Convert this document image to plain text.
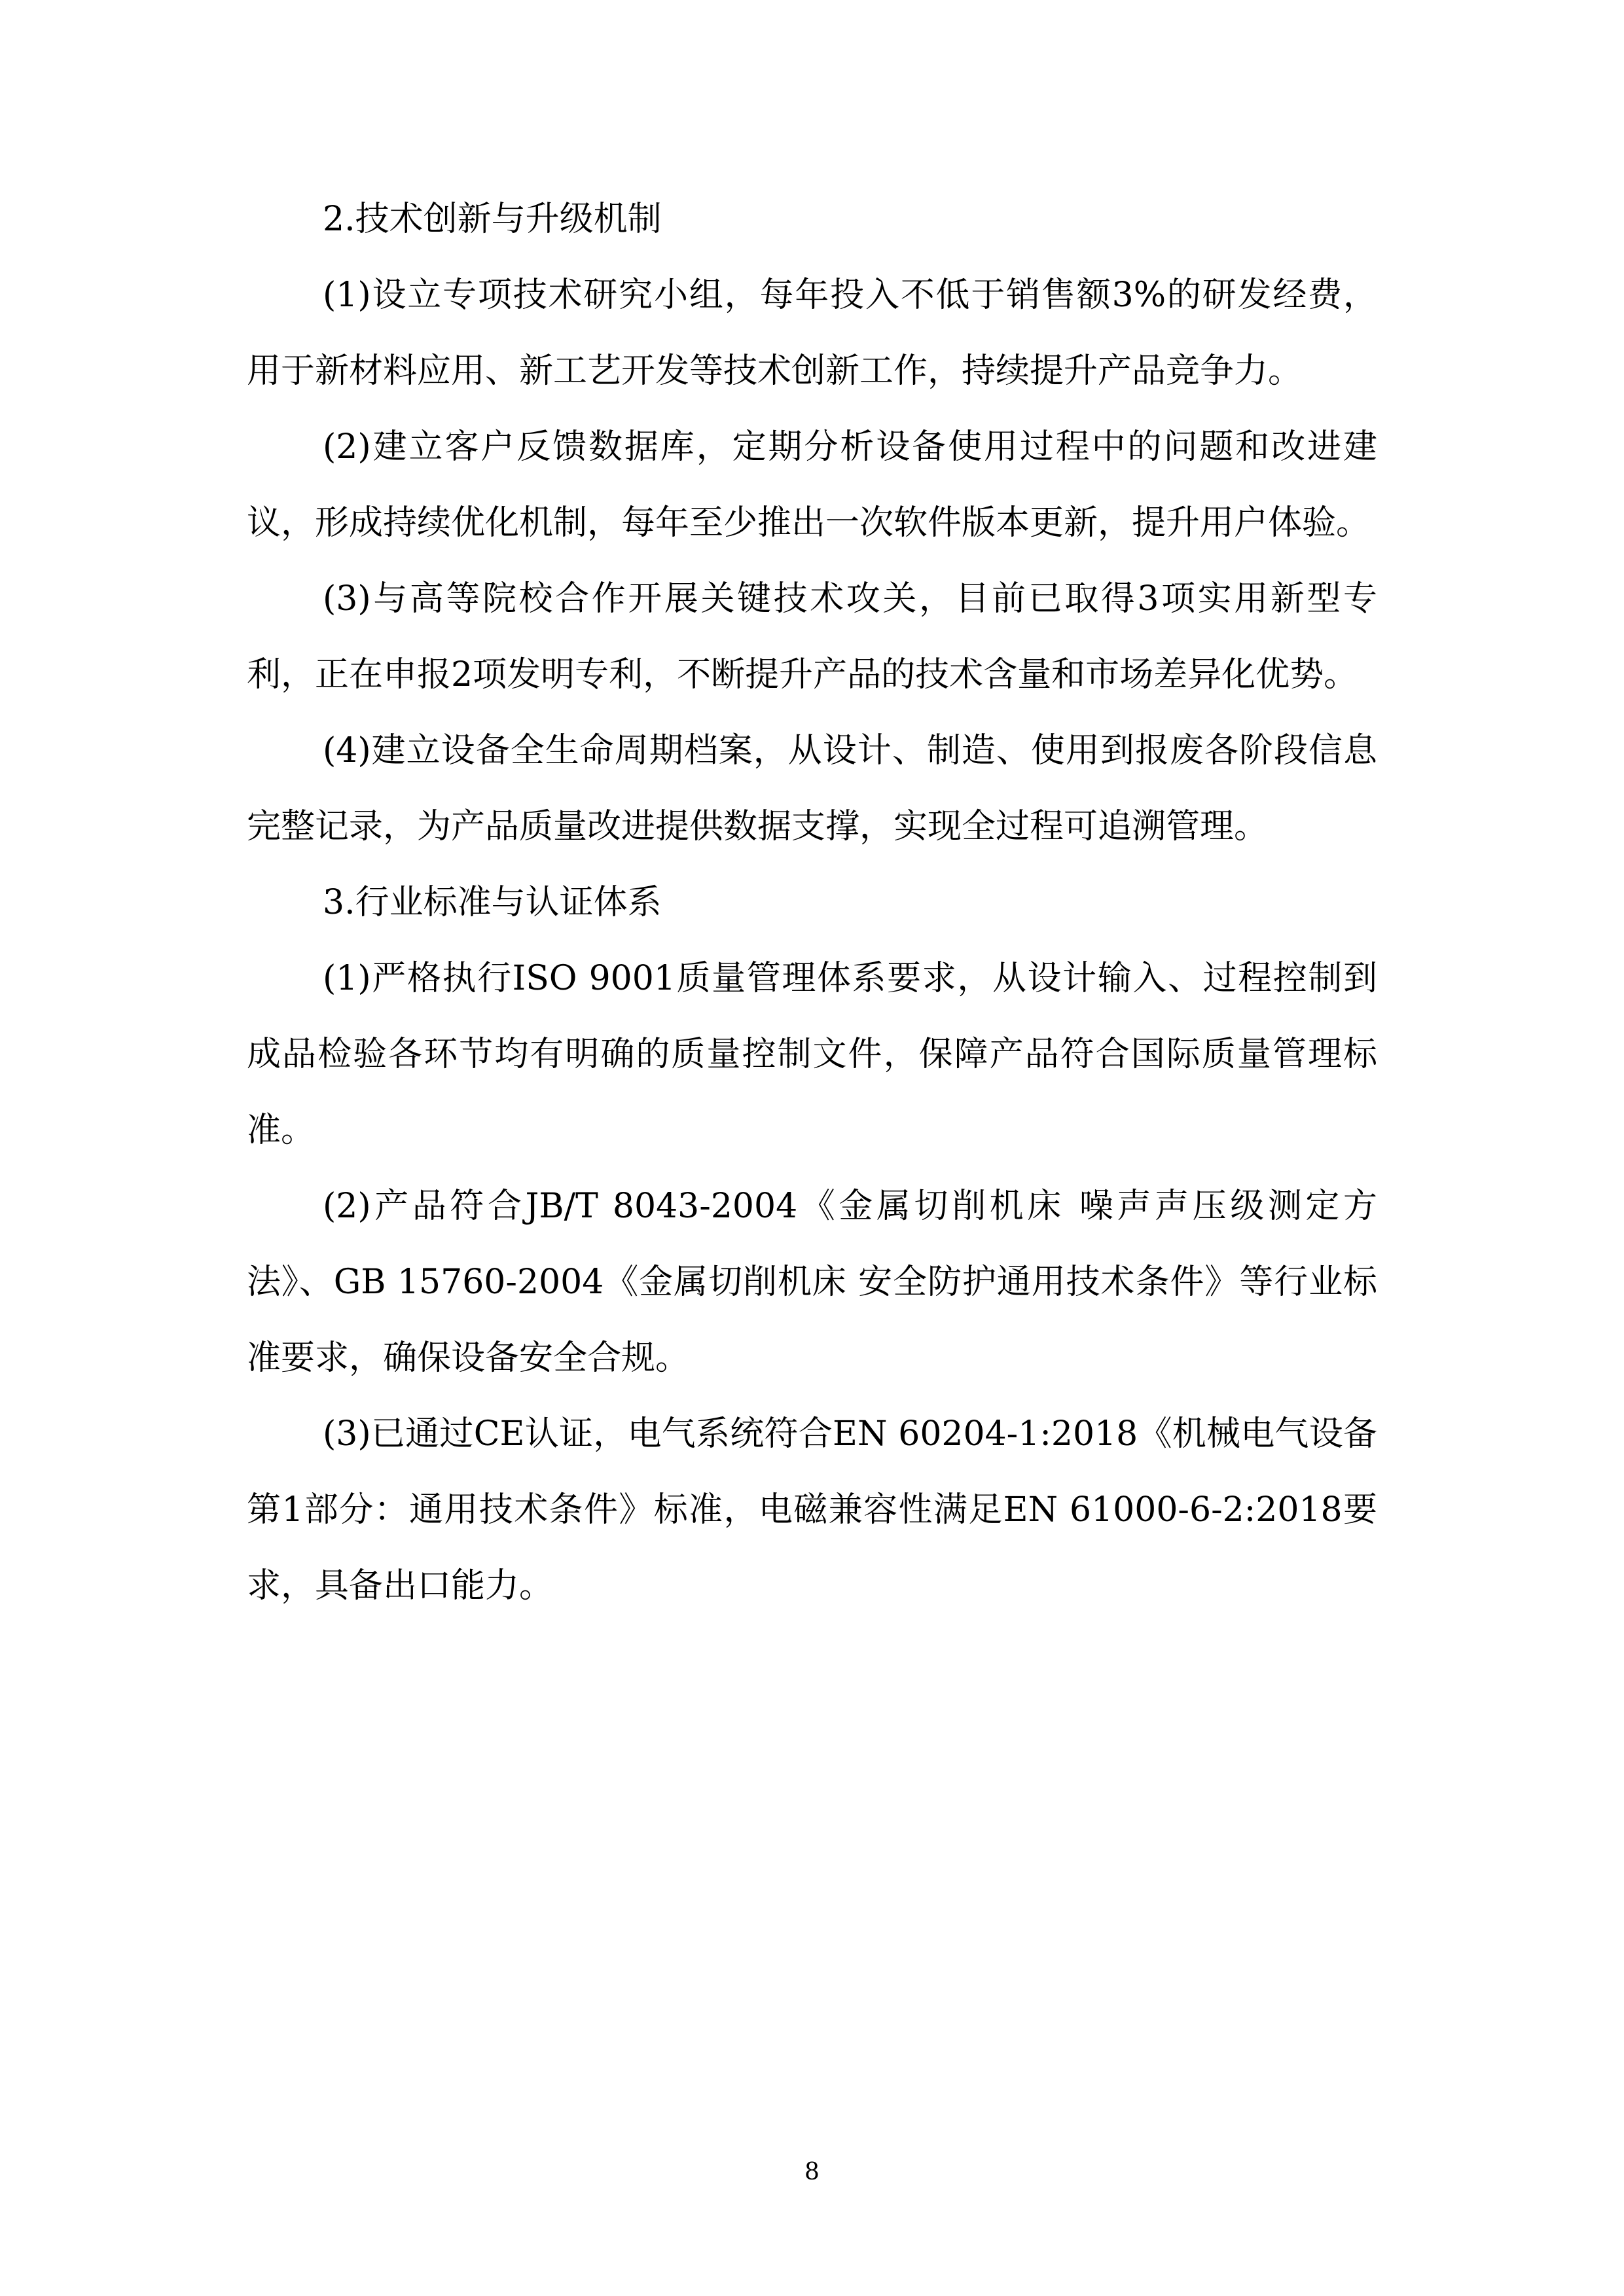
2.技术创新与升级机制

(1)设立专项技术研究小组，每年投入不低于销售额3%的研发经费，用于新材料应用、新工艺开发等技术创新工作，持续提升产品竞争力。

(2)建立客户反馈数据库，定期分析设备使用过程中的问题和改进建议，形成持续优化机制，每年至少推出一次软件版本更新，提升用户体验。

(3)与高等院校合作开展关键技术攻关，目前已取得3项实用新型专利，正在申报2项发明专利，不断提升产品的技术含量和市场差异化优势。

(4)建立设备全生命周期档案，从设计、制造、使用到报废各阶段信息完整记录，为产品质量改进提供数据支撑，实现全过程可追溯管理。

3.行业标准与认证体系

(1)严格执行ISO 9001质量管理体系要求，从设计输入、过程控制到成品检验各环节均有明确的质量控制文件，保障产品符合国际质量管理标准。

(2)产品符合JB/T 8043-2004《金属切削机床 噪声声压级测定方法》、GB 15760-2004《金属切削机床 安全防护通用技术条件》等行业标准要求，确保设备安全合规。

(3)已通过CE认证，电气系统符合EN 60204-1:2018《机械电气设备 第1部分：通用技术条件》标准，电磁兼容性满足EN 61000-6-2:2018要求，具备出口能力。

8
